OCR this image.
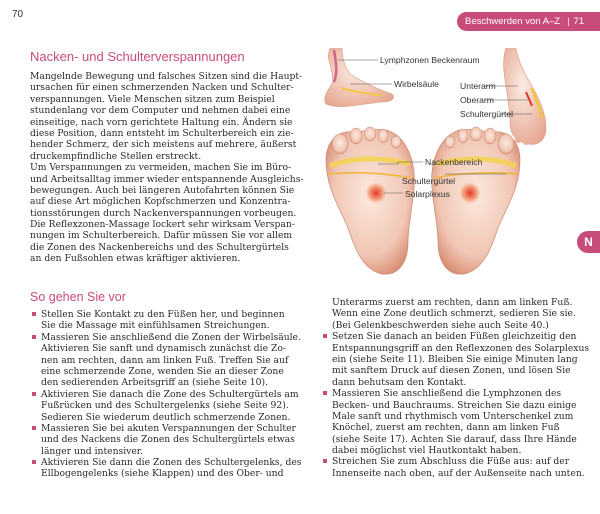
70
Beschwerden von A–Z | 71
N
Nacken- und Schulterverspannungen
Mangelnde Bewegung und falsches Sitzen sind die Haupt-
ursachen für einen schmerzenden Nacken und Schulter-
verspannungen. Viele Menschen sitzen zum Beispiel
stundenlang vor dem Computer und nehmen dabei eine
einseitige, nach vorn gerichtete Haltung ein. Ändern sie
diese Position, dann entsteht im Schulterbereich ein zie-
hender Schmerz, der sich meistens auf mehrere, äußerst
druckempfindliche Stellen erstreckt.
Um Verspannungen zu vermeiden, machen Sie im Büro-
und Arbeitsalltag immer wieder entspannende Ausgleichs-
bewegungen. Auch bei längeren Autofahrten können Sie
auf diese Art möglichen Kopfschmerzen und Konzentra-
tionsstörungen durch Nackenverspannungen vorbeugen.
Die Reflexzonen-Massage lockert sehr wirksam Verspan-
nungen im Schulterbereich. Dafür müssen Sie vor allem
die Zonen des Nackenbereichs und des Schultergürtels
an den Fußsohlen etwas kräftiger aktivieren.
So gehen Sie vor
Stellen Sie Kontakt zu den Füßen her, und beginnen
Sie die Massage mit einfühlsamen Streichungen.
Massieren Sie anschließend die Zonen der Wirbelsäule.
Aktivieren Sie sanft und dynamisch zunächst die Zo-
nen am rechten, dann am linken Fuß. Treffen Sie auf
eine schmerzende Zone, wenden Sie an dieser Zone
den sedierenden Arbeitsgriff an (siehe Seite 10).
Aktivieren Sie danach die Zone des Schultergürtels am
Fußrücken und des Schultergelenks (siehe Seite 92).
Sedieren Sie wiederum deutlich schmerzende Zonen.
Massieren Sie bei akuten Verspannungen der Schulter
und des Nackens die Zonen des Schultergürtels etwas
länger und intensiver.
Aktivieren Sie dann die Zonen des Schultergelenks, des
Ellbogengelenks (siehe Klappen) und des Ober- und
Unterarms zuerst am rechten, dann am linken Fuß.
Wenn eine Zone deutlich schmerzt, sedieren Sie sie.
(Bei Gelenkbeschwerden siehe auch Seite 40.)
Setzen Sie danach an beiden Füßen gleichzeitig den
Entspannungsgriff an den Reflexzonen des Solarplexus
ein (siehe Seite 11). Bleiben Sie einige Minuten lang
mit sanftem Druck auf diesen Zonen, und lösen Sie
dann behutsam den Kontakt.
Massieren Sie anschließend die Lymphzonen des
Becken- und Bauchraums. Streichen Sie dazu einige
Male sanft und rhythmisch vom Unterschenkel zum
Knöchel, zuerst am rechten, dann am linken Fuß
(siehe Seite 17). Achten Sie darauf, dass Ihre Hände
dabei möglichst viel Hautkontakt haben.
Streichen Sie zum Abschluss die Füße aus: auf der
Innenseite nach oben, auf der Außenseite nach unten.
Lymphzonen Beckenraum
Wirbelsäule Unterarm
Oberarm
Schultergürtel
Nackenbereich
Schultergürtel
Solarplexus
